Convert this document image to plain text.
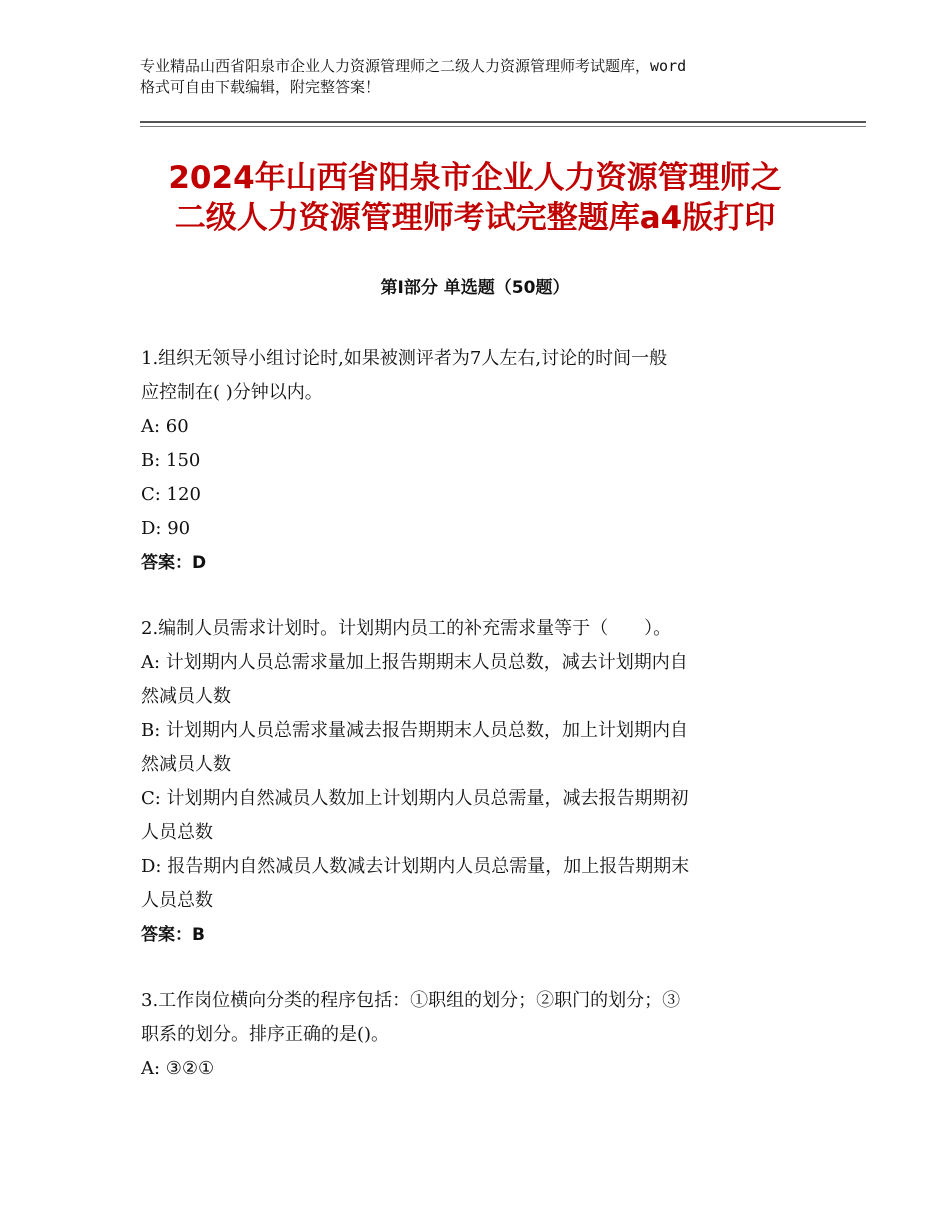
专业精品山西省阳泉市企业人力资源管理师之二级人力资源管理师考试题库，word
格式可自由下载编辑，附完整答案！
2024年山西省阳泉市企业人力资源管理师之
二级人力资源管理师考试完整题库a4版打印
第Ⅰ部分 单选题（50题）
1.组织无领导小组讨论时,如果被测评者为7人左右,讨论的时间一般
应控制在( )分钟以内。
A: 60
B: 150
C: 120
D: 90
答案：D
2.编制人员需求计划时。计划期内员工的补充需求量等于（　　）。
A: 计划期内人员总需求量加上报告期期末人员总数，减去计划期内自
然减员人数
B: 计划期内人员总需求量减去报告期期末人员总数，加上计划期内自
然减员人数
C: 计划期内自然减员人数加上计划期内人员总需量，减去报告期期初
人员总数
D: 报告期内自然减员人数减去计划期内人员总需量，加上报告期期末
人员总数
答案：B
3.工作岗位横向分类的程序包括：①职组的划分；②职门的划分；③
职系的划分。排序正确的是()。
A: ③②①
